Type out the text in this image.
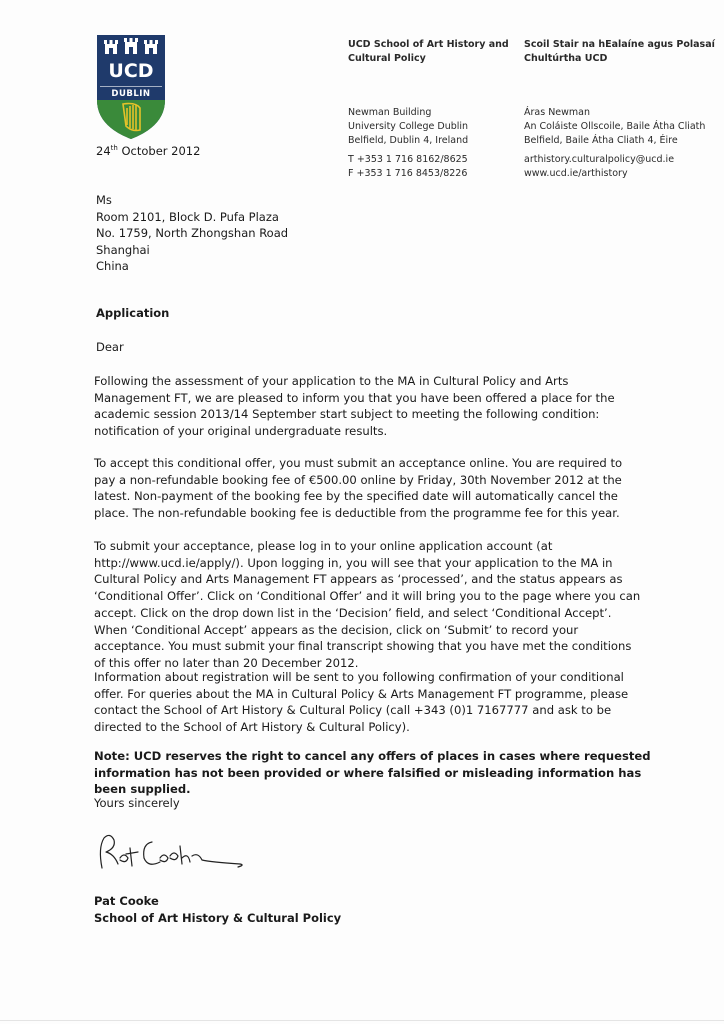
UCD
DUBLIN

UCD School of Art History and
Cultural Policy

Newman Building
University College Dublin
Belfield, Dublin 4, Ireland

T +353 1 716 8162/8625
F +353 1 716 8453/8226

Scoil Stair na hEalaíne agus Polasaí
Chultúrtha UCD

Áras Newman
An Coláiste Ollscoile, Baile Átha Cliath
Belfield, Baile Átha Cliath 4, Éire

arthistory.culturalpolicy@ucd.ie
www.ucd.ie/arthistory

24th October 2012
Ms
Room 2101, Block D. Pufa Plaza
No. 1759, North Zhongshan Road
Shanghai
China
Application
Dear

Following the assessment of your application to the MA in Cultural Policy and Arts Management FT, we are pleased to inform you that you have been offered a place for the academic session 2013/14 September start subject to meeting the following condition: notification of your original undergraduate results.

To accept this conditional offer, you must submit an acceptance online. You are required to pay a non-refundable booking fee of €500.00 online by Friday, 30th November 2012 at the latest. Non-payment of the booking fee by the specified date will automatically cancel the place. The non-refundable booking fee is deductible from the programme fee for this year.

To submit your acceptance, please log in to your online application account (at http://www.ucd.ie/apply/). Upon logging in, you will see that your application to the MA in Cultural Policy and Arts Management FT appears as ‘processed’, and the status appears as ‘Conditional Offer’. Click on ‘Conditional Offer’ and it will bring you to the page where you can accept. Click on the drop down list in the ‘Decision’ field, and select ‘Conditional Accept’. When ‘Conditional Accept’ appears as the decision, click on ‘Submit’ to record your acceptance. You must submit your final transcript showing that you have met the conditions of this offer no later than 20 December 2012.

Information about registration will be sent to you following confirmation of your conditional offer. For queries about the MA in Cultural Policy & Arts Management FT programme, please contact the School of Art History & Cultural Policy (call +343 (0)1 7167777 and ask to be directed to the School of Art History & Cultural Policy).

Note: UCD reserves the right to cancel any offers of places in cases where requested information has not been provided or where falsified or misleading information has been supplied.

Yours sincerely
Pat Cooke
School of Art History & Cultural Policy
